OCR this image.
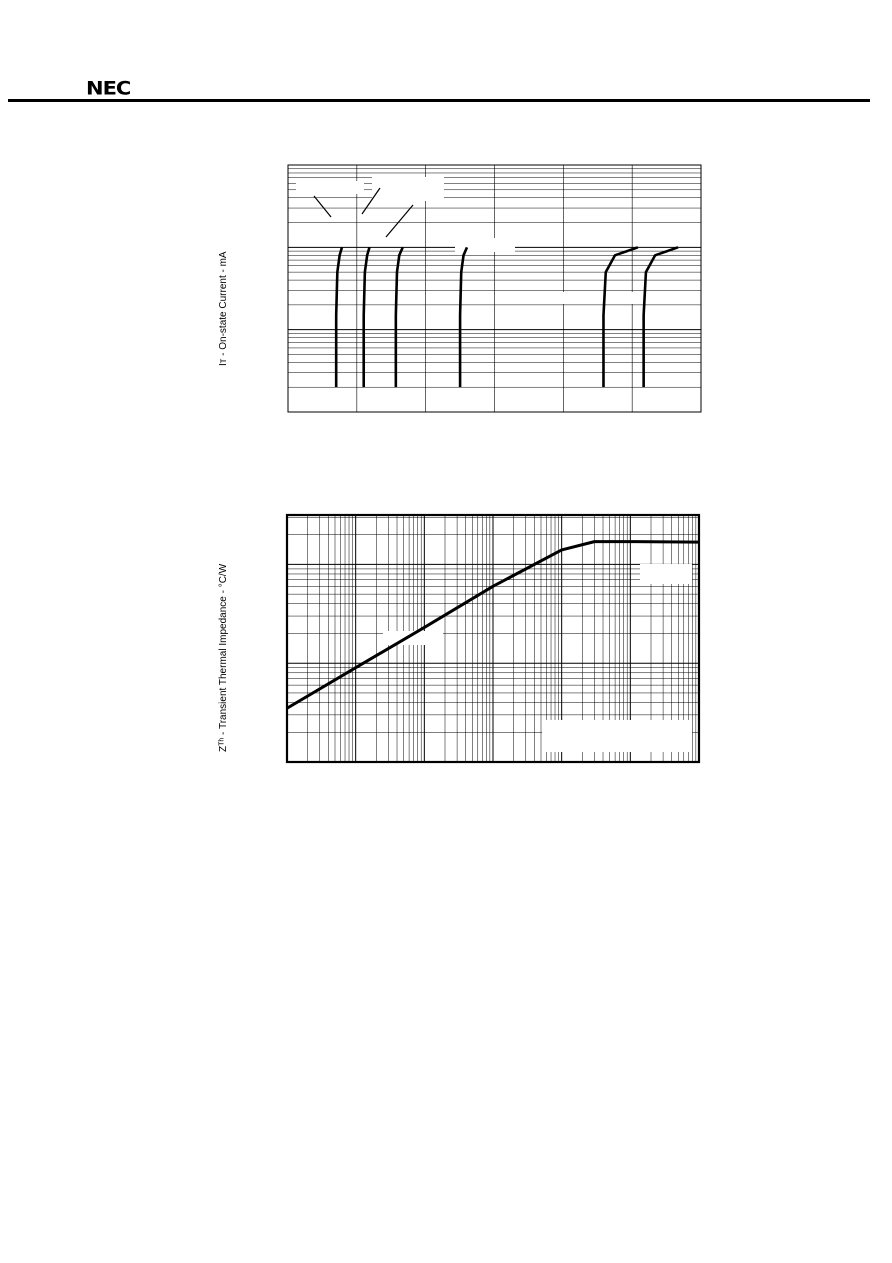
NEC
Iᴛ - On-state Current - mA
Zᵀʰ - Transient Thermal Impedance - °C/W
